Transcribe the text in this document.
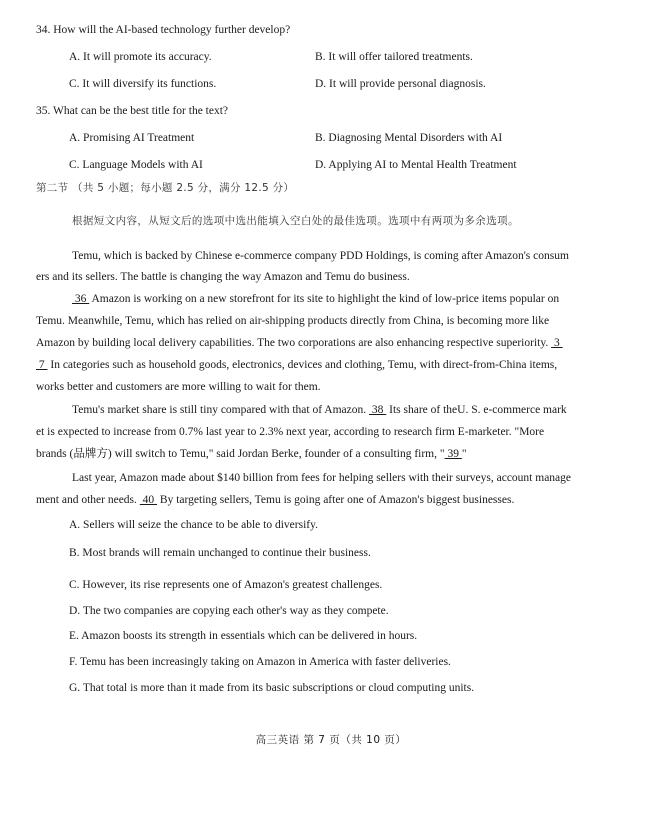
34. How will the AI-based technology further develop?
A. It will promote its accuracy.	B. It will offer tailored treatments.
C. It will diversify its functions.	D. It will provide personal diagnosis.
35. What can be the best title for the text?
A. Promising AI Treatment	B. Diagnosing Mental Disorders with AI
C. Language Models with AI	D. Applying AI to Mental Health Treatment
第二节 （共 5 小题；每小题 2.5 分，满分 12.5 分）
根据短文内容，从短文后的选项中选出能填入空白处的最佳选项。选项中有两项为多余选项。
Temu, which is backed by Chinese e-commerce company PDD Holdings, is coming after Amazon's consum
ers and its sellers. The battle is changing the way Amazon and Temu do business.
36  Amazon is working on a new storefront for its site to highlight the kind of low-price items popular on
Temu. Meanwhile, Temu, which has relied on air-shipping products directly from China, is becoming more like
Amazon by building local delivery capabilities. The two corporations are also enhancing respective superiority.  3
7  In categories such as household goods, electronics, devices and clothing, Temu, with direct-from-China items,
works better and customers are more willing to wait for them.
Temu's market share is still tiny compared with that of Amazon.  38  Its share of theU. S. e-commerce mark
et is expected to increase from 0.7% last year to 2.3% next year, according to research firm E-marketer. "More
brands (品牌方) will switch to Temu," said Jordan Berke, founder of a consulting firm, " 39 "
Last year, Amazon made about $140 billion from fees for helping sellers with their surveys, account manage
ment and other needs.  40  By targeting sellers, Temu is going after one of Amazon's biggest businesses.
A. Sellers will seize the chance to be able to diversify.
B. Most brands will remain unchanged to continue their business.
C. However, its rise represents one of Amazon's greatest challenges.
D. The two companies are copying each other's way as they compete.
E. Amazon boosts its strength in essentials which can be delivered in hours.
F. Temu has been increasingly taking on Amazon in America with faster deliveries.
G. That total is more than it made from its basic subscriptions or cloud computing units.
高三英语 第 7 页（共 10 页）
